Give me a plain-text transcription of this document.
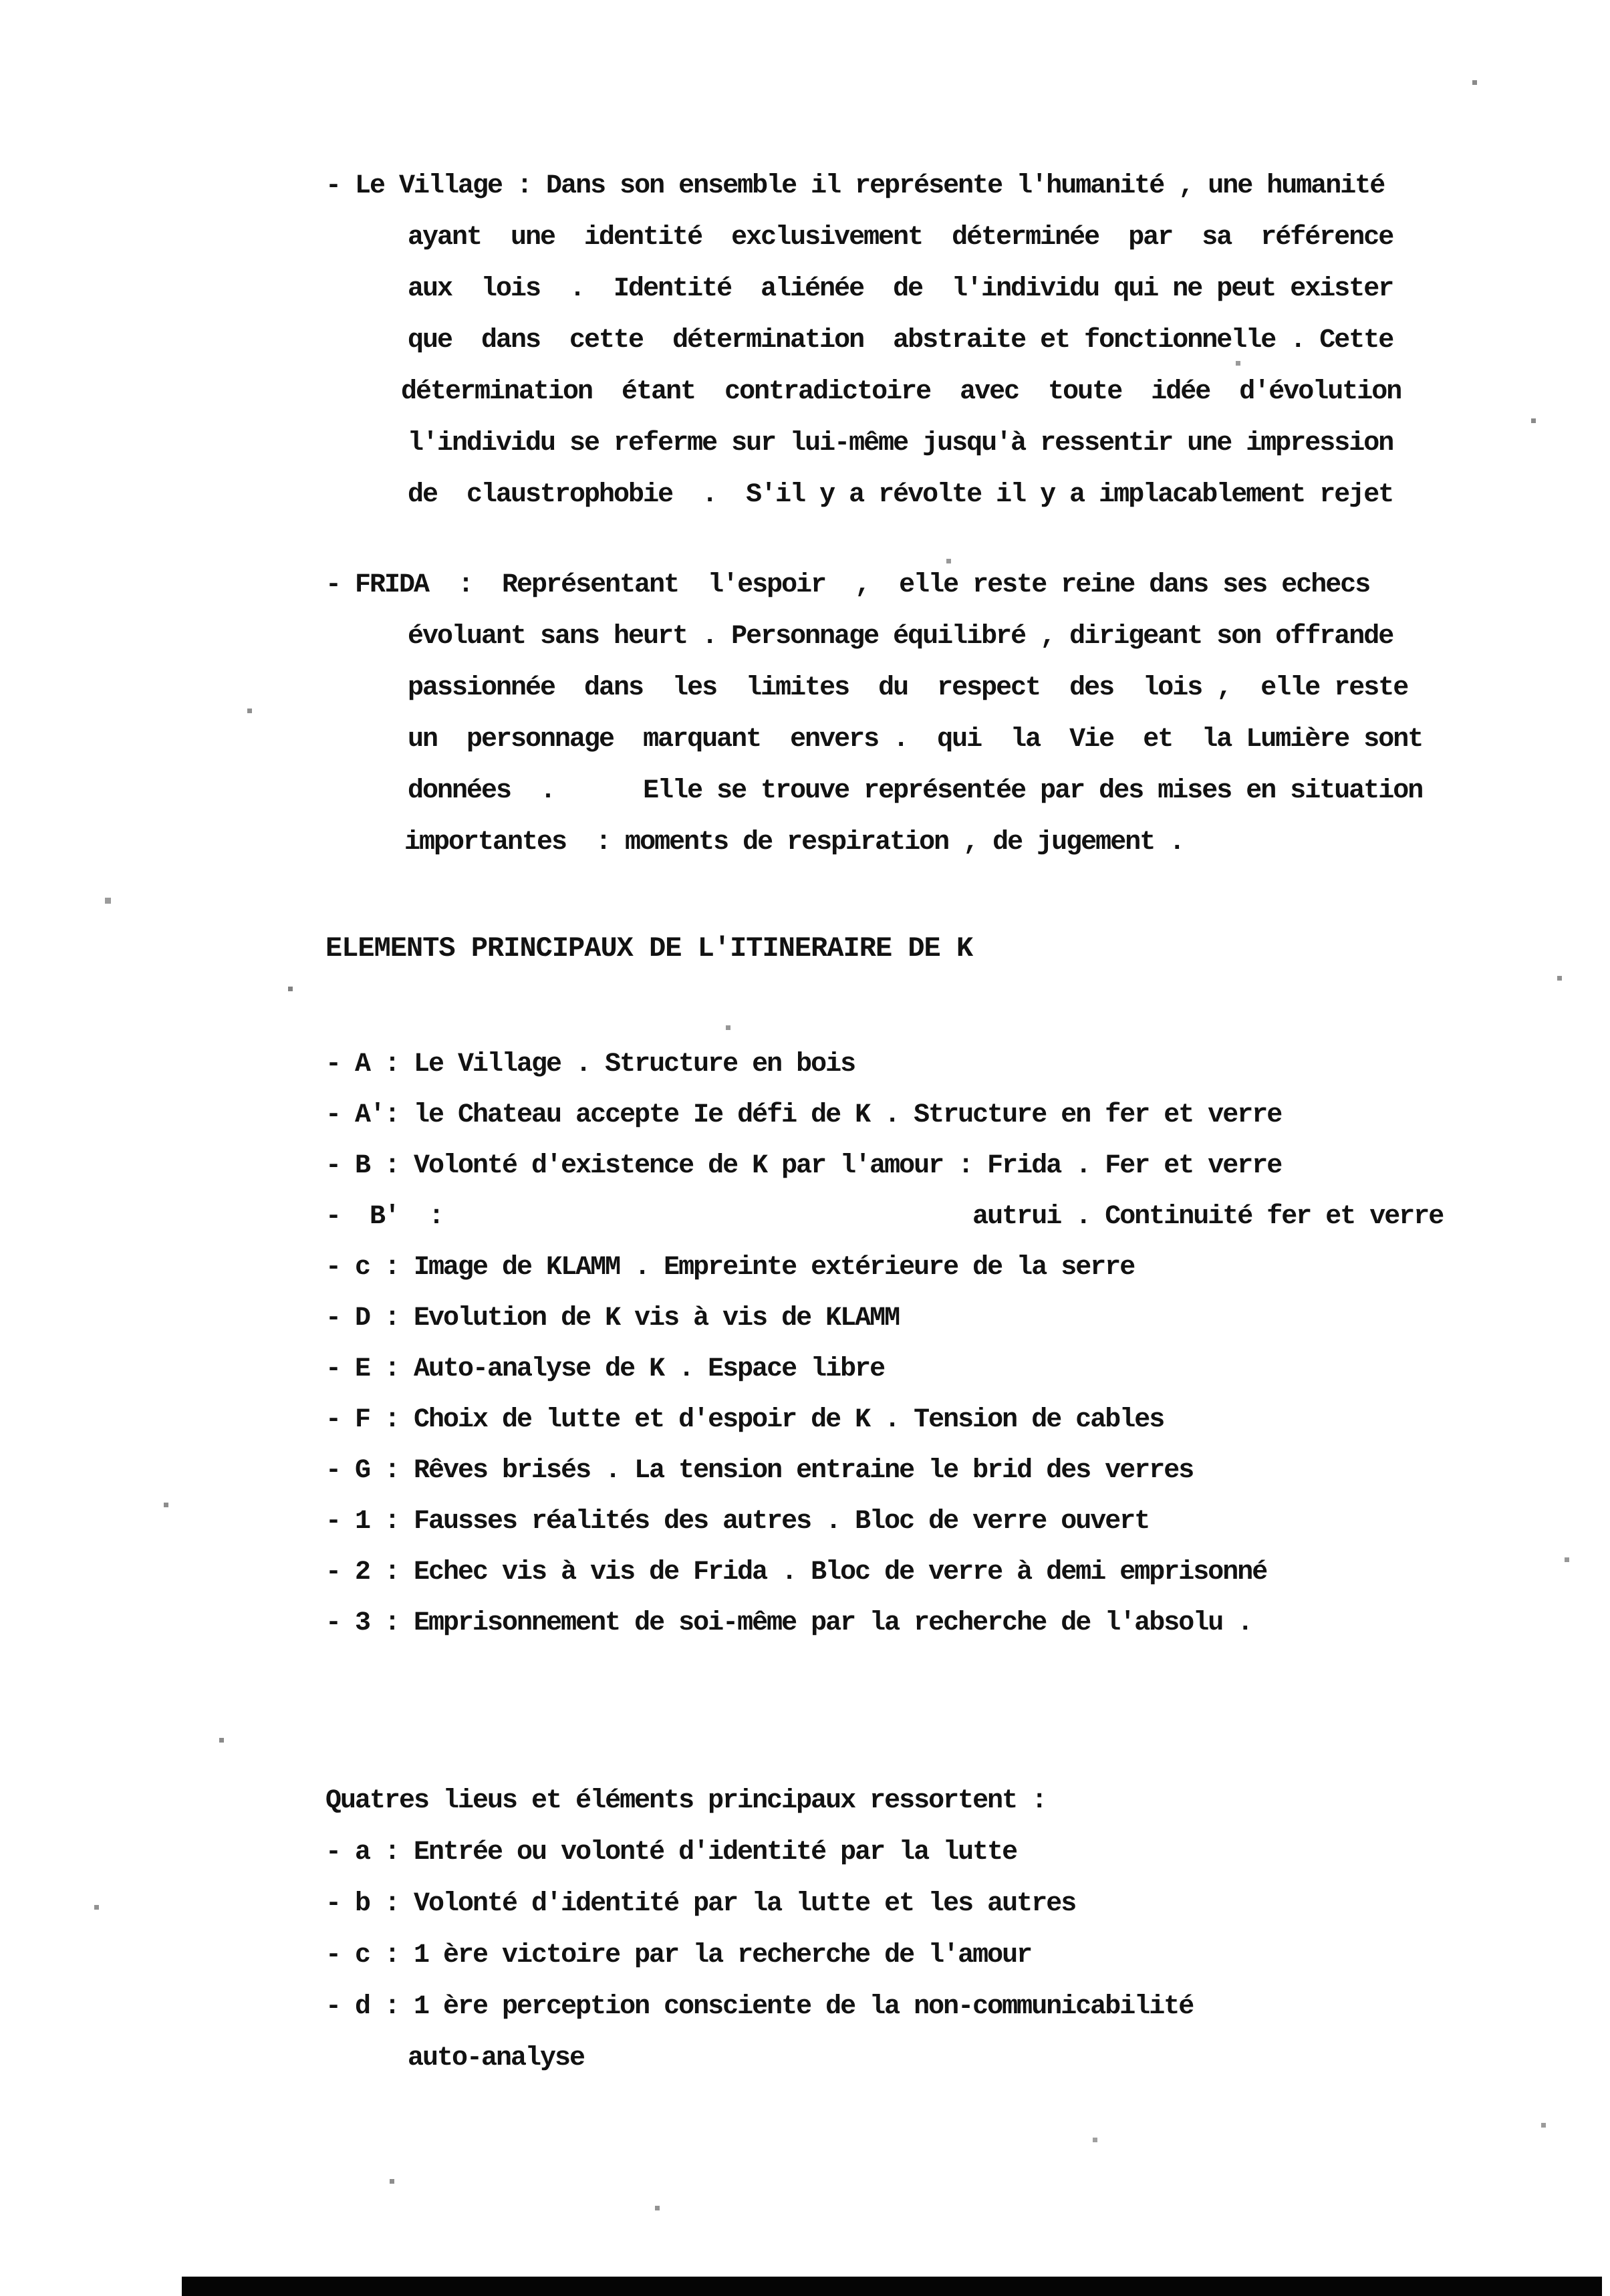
- Le Village : Dans son ensemble il représente l'humanité , une humanité
ayant  une  identité  exclusivement  déterminée  par  sa  référence
aux  lois  .  Identité  aliénée  de  l'individu qui ne peut exister
que  dans  cette  détermination  abstraite et fonctionnelle . Cette
détermination  étant  contradictoire  avec  toute  idée  d'évolution
l'individu se referme sur lui-même jusqu'à ressentir une impression
de  claustrophobie  .  S'il y a révolte il y a implacablement rejet
- FRIDA  :  Représentant  l'espoir  ,  elle reste reine dans ses echecs
évoluant sans heurt . Personnage équilibré , dirigeant son offrande
passionnée  dans  les  limites  du  respect  des  lois ,  elle reste
un  personnage  marquant  envers .  qui  la  Vie  et  la Lumière sont
données  .      Elle se trouve représentée par des mises en situation
importantes  : moments de respiration , de jugement .
ELEMENTS PRINCIPAUX DE L'ITINERAIRE DE K
- A : Le Village . Structure en bois
- A': le Chateau accepte Ie défi de K . Structure en fer et verre
- B : Volonté d'existence de K par l'amour : Frida . Fer et verre
-  B'  :                                    autrui . Continuité fer et verre
- c : Image de KLAMM . Empreinte extérieure de la serre
- D : Evolution de K vis à vis de KLAMM
- E : Auto-analyse de K . Espace libre
- F : Choix de lutte et d'espoir de K . Tension de cables
- G : Rêves brisés . La tension entraine le brid des verres
- 1 : Fausses réalités des autres . Bloc de verre ouvert
- 2 : Echec vis à vis de Frida . Bloc de verre à demi emprisonné
- 3 : Emprisonnement de soi-même par la recherche de l'absolu .
Quatres lieus et éléments principaux ressortent :
- a : Entrée ou volonté d'identité par la lutte
- b : Volonté d'identité par la lutte et les autres
- c : 1 ère victoire par la recherche de l'amour
- d : 1 ère perception consciente de la non-communicabilité
auto-analyse
